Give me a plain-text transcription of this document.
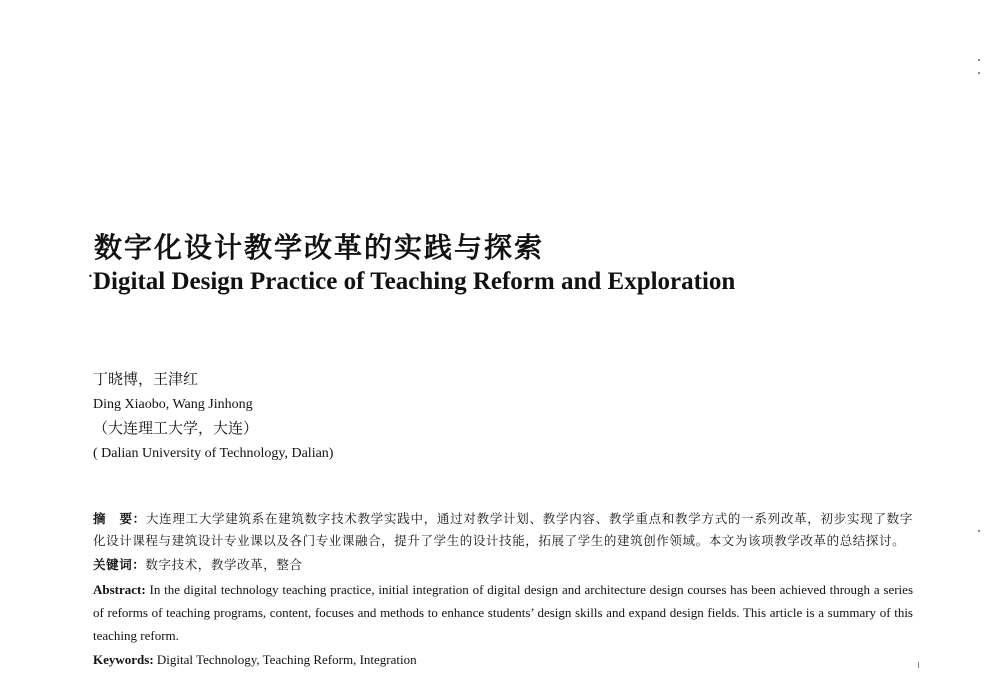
数字化设计教学改革的实践与探索
• Digital Design Practice of Teaching Reform and Exploration
丁晓博，王津红
Ding Xiaobo, Wang Jinhong
（大连理工大学，大连）
( Dalian University of Technology, Dalian)

摘　要：大连理工大学建筑系在建筑数字技术教学实践中，通过对教学计划、教学内容、教学重点和教学方式的一系列改革，初步实现了数字化设计课程与建筑设计专业课以及各门专业课融合，提升了学生的设计技能，拓展了学生的建筑创作领域。本文为该项教学改革的总结探讨。

关键词：数字技术，教学改革，整合

Abstract: In the digital technology teaching practice, initial integration of digital design and architecture design courses has been achieved through a series of reforms of teaching programs, content, focuses and methods to enhance students’ design skills and expand design fields. This article is a summary of this teaching reform.

Keywords: Digital Technology, Teaching Reform, Integration
